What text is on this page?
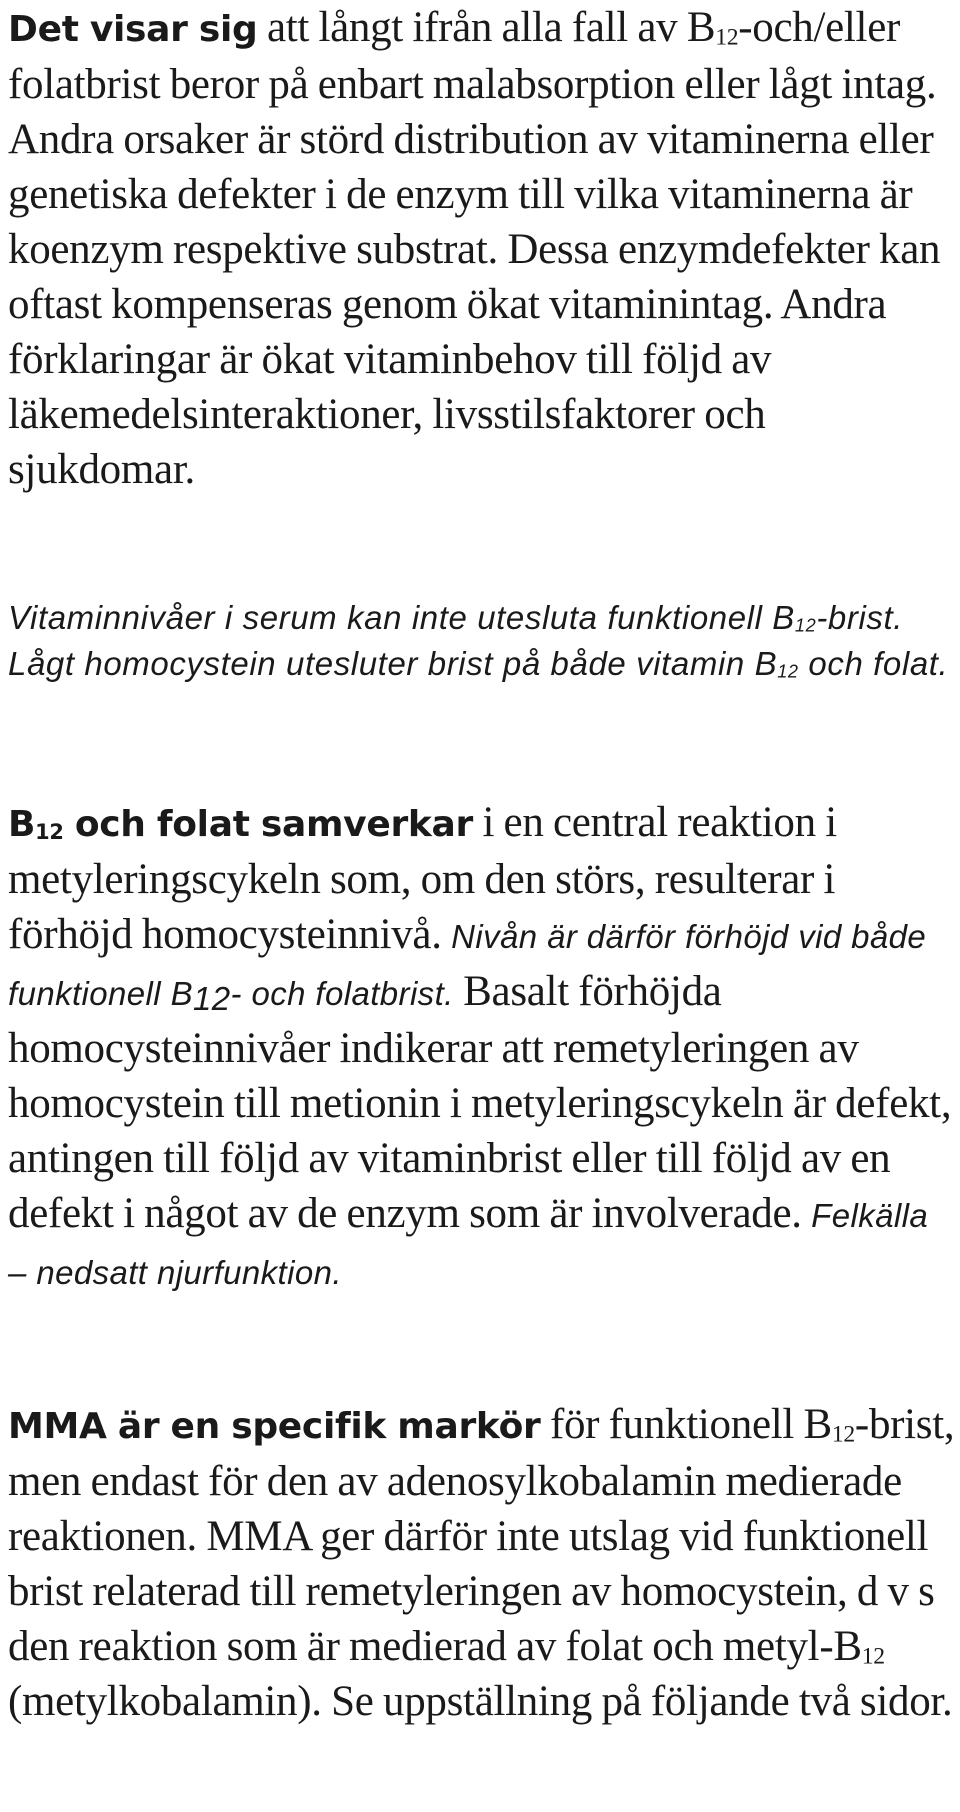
Det visar sig att långt ifrån alla fall av $B_{12}-och$/eller folatbrist beror på enbart malabsorption eller lågt intag. Andra orsaker är störd distribution av vitaminerna eller genetiska defekter i de enzym till vilka vitaminerna är koenzym respektive substrat. Dessa enzymdefekter kan oftast kompenseras genom ökat vitaminintag. Andra förklaringar är ökat vitaminbehov till följd av läkemedelsinteraktioner, livsstilsfaktorer och sjukdomar.

Vitaminnivåer i serum kan inte utesluta funktionell $B_{12}$-brist. Lågt homocystein utesluter brist på både vitamin $B_{12}$ och folat.

$B_{12}$ och folat samverkar i en central reaktion i metyleringscykeln som, om den störs, resulterar i förhöjd homocysteinnivå. Nivån är därför förhöjd vid både funktionell $B_{12}-$ och folatbrist. Basalt förhöjda homocysteinnivåer indikerar att remetyleringen av homocystein till metionin i metyleringscykeln är defekt, antingen till följd av vitaminbrist eller till följd av en defekt i något av de enzym som är involverade. Felkälla – nedsatt njurfunktion.

MMA är en specifik markör för funktionell $B_{12}$-brist, men endast för den av adenosylkobalamin medierade reaktionen. MMA ger därför inte utslag vid funktionell brist relaterad till remetyleringen av homocystein, d v s den reaktion som är medierad av folat och metyl-$B_{12}$ (metylkobalamin). Se uppställning på följande två sidor.
